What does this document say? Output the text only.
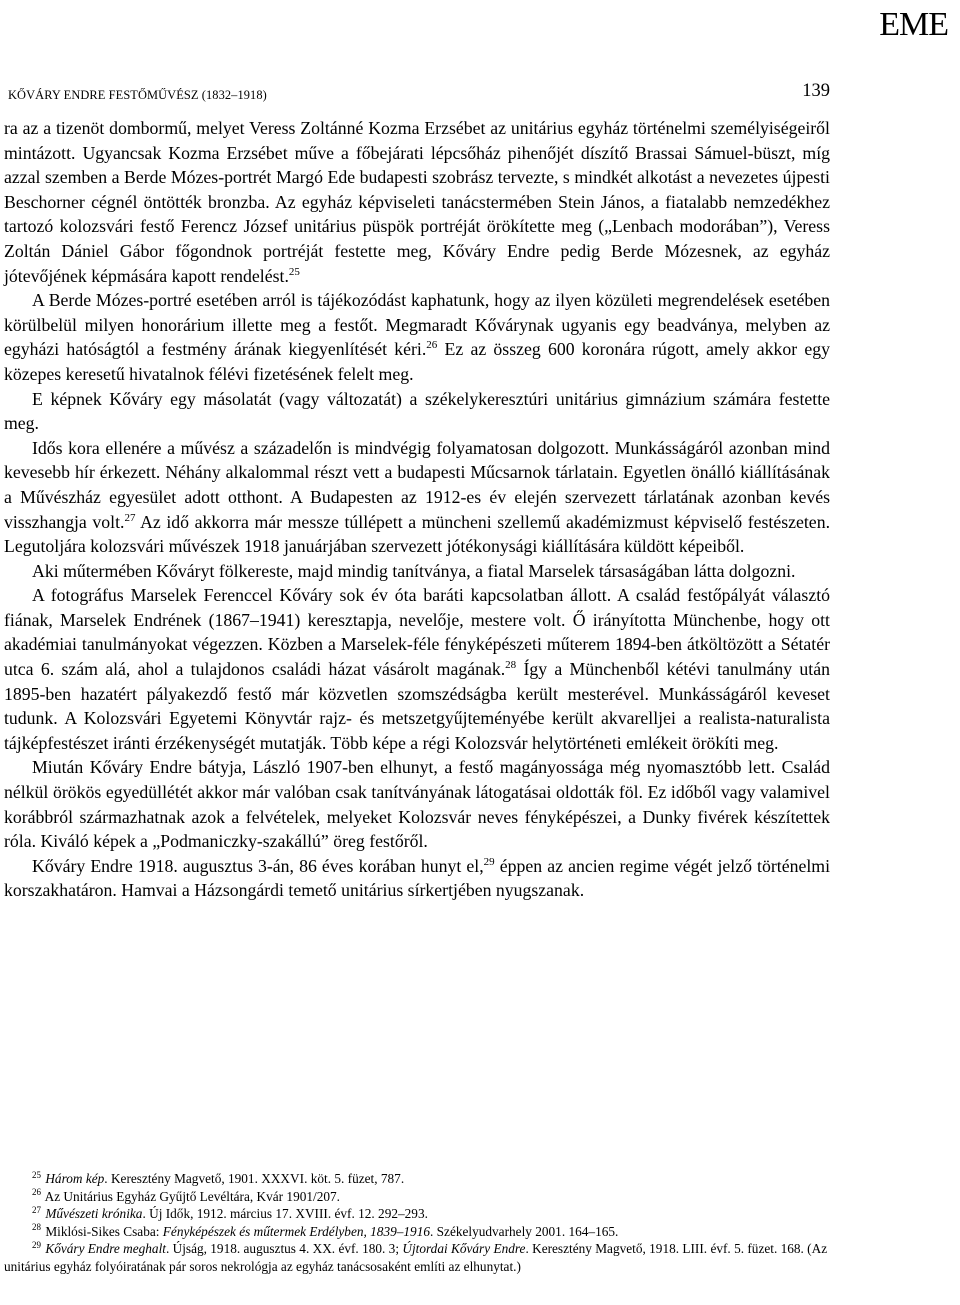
EME
KŐVÁRY ENDRE FESTŐMŰVÉSZ (1832–1918)	139

ra az a tizenöt dombormű, melyet Veress Zoltánné Kozma Erzsébet az unitárius egyház történelmi személyiségeiről mintázott. Ugyancsak Kozma Erzsébet műve a főbejárati lépcsőház pihenőjét díszítő Brassai Sámuel-büszt, míg azzal szemben a Berde Mózes-portrét Margó Ede budapesti szobrász tervezte, s mindkét alkotást a nevezetes újpesti Beschorner cégnél öntötték bronzba. Az egyház képviseleti tanácstermében Stein János, a fiatalabb nemzedékhez tartozó kolozsvári festő Ferencz József unitárius püspök portréját örökítette meg („Lenbach modorában”), Veress Zoltán Dániel Gábor főgondnok portréját festette meg, Kőváry Endre pedig Berde Mózesnek, az egyház jótevőjének képmására kapott rendelést.$^{25}$

A Berde Mózes-portré esetében arról is tájékozódást kaphatunk, hogy az ilyen közületi megrendelések esetében körülbelül milyen honorárium illette meg a festőt. Megmaradt Kővárynak ugyanis egy beadványa, melyben az egyházi hatóságtól a festmény árának kiegyenlítését kéri.$^{26}$ Ez az összeg 600 koronára rúgott, amely akkor egy közepes keresetű hivatalnok félévi fizetésének felelt meg.

E képnek Kőváry egy másolatát (vagy változatát) a székelykeresztúri unitárius gimnázium számára festette meg.

Idős kora ellenére a művész a századelőn is mindvégig folyamatosan dolgozott. Munkásságáról azonban mind kevesebb hír érkezett. Néhány alkalommal részt vett a budapesti Műcsarnok tárlatain. Egyetlen önálló kiállításának a Művészház egyesület adott otthont. A Budapesten az 1912-es év elején szervezett tárlatának azonban kevés visszhangja volt.$^{27}$ Az idő akkorra már messze túllépett a müncheni szellemű akadémizmust képviselő festészeten. Legutoljára kolozsvári művészek 1918 januárjában szervezett jótékonysági kiállítására küldött képeiből.

Aki műtermében Kőváryt fölkereste, majd mindig tanítványa, a fiatal Marselek társaságában látta dolgozni.

A fotográfus Marselek Ferenccel Kőváry sok év óta baráti kapcsolatban állott. A család festőpályát választó fiának, Marselek Endrének (1867–1941) keresztapja, nevelője, mestere volt. Ő irányította Münchenbe, hogy ott akadémiai tanulmányokat végezzen. Közben a Marselek-féle fényképészeti műterem 1894-ben átköltözött a Sétatér utca 6. szám alá, ahol a tulajdonos családi házat vásárolt magának.$^{28}$ Így a Münchenből kétévi tanulmány után 1895-ben hazatért pályakezdő festő már közvetlen szomszédságba került mesterével. Munkásságáról keveset tudunk. A Kolozsvári Egyetemi Könyvtár rajz- és metszetgyűjteményébe került akvarelljei a realista-naturalista tájképfestészet iránti érzékenységét mutatják. Több képe a régi Kolozsvár helytörténeti emlékeit örökíti meg.

Miután Kőváry Endre bátyja, László 1907-ben elhunyt, a festő magányossága még nyomasztóbb lett. Család nélkül örökös egyedüllétét akkor már valóban csak tanítványának látogatásai oldották föl. Ez időből vagy valamivel korábbról származhatnak azok a felvételek, melyeket Kolozsvár neves fényképészei, a Dunky fivérek készítettek róla. Kiváló képek a „Podmaniczky-szakállú” öreg festőről.

Kőváry Endre 1918. augusztus 3-án, 86 éves korában hunyt el,$^{29}$ éppen az ancien regime végét jelző történelmi korszakhatáron. Hamvai a Házsongárdi temető unitárius sírkertjében nyugszanak.

$^{25}$ Három kép. Keresztény Magvető, 1901. XXXVI. köt. 5. füzet, 787.

$^{26}$ Az Unitárius Egyház Gyűjtő Levéltára, Kvár 1901/207.

$^{27}$ Művészeti krónika. Új Idők, 1912. március 17. XVIII. évf. 12. 292–293.

$^{28}$ Miklósi-Sikes Csaba: Fényképészek és műtermek Erdélyben, 1839–1916. Székelyudvarhely 2001. 164–165.

$^{29}$ Kőváry Endre meghalt. Újság, 1918. augusztus 4. XX. évf. 180. 3; Újtordai Kőváry Endre. Keresztény Magvető, 1918. LIII. évf. 5. füzet. 168. (Az unitárius egyház folyóiratának pár soros nekrológja az egyház tanácsosaként említi az elhunytat.)
